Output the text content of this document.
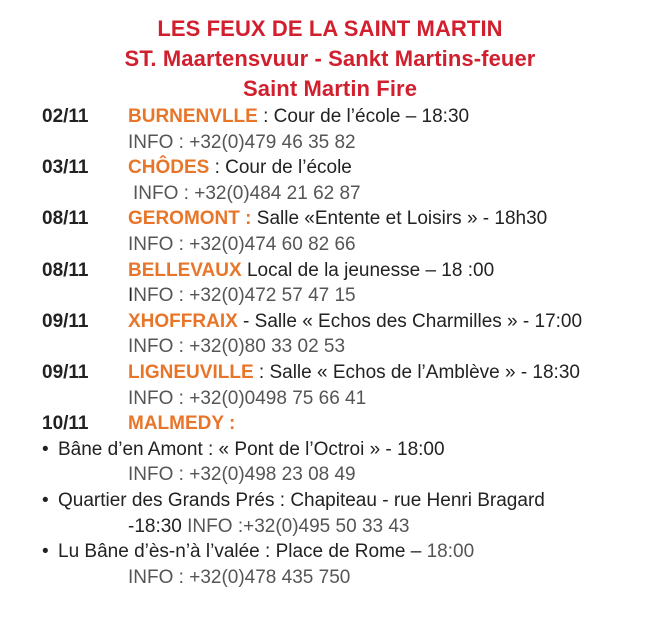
LES FEUX DE LA SAINT MARTIN
ST. Maartensvuur - Sankt Martins-feuer
Saint Martin Fire
02/11	BURNENVLLE : Cour de l’école – 18:30
INFO : +32(0)479 46 35 82
03/11	CHÔDES : Cour de l’école
INFO : +32(0)484 21 62 87
08/11	GEROMONT : Salle «Entente et Loisirs » - 18h30
INFO : +32(0)474 60 82 66
08/11	BELLEVAUX Local de la jeunesse – 18 :00
INFO : +32(0)472 57 47 15
09/11	XHOFFRAIX - Salle « Echos des Charmilles » - 17:00
INFO : +32(0)80 33 02 53
09/11	LIGNEUVILLE : Salle « Echos de l’Amblève » - 18:30
INFO : +32(0)0498 75 66 41
10/11	MALMEDY :
• Bâne d’en Amont : « Pont de l’Octroi » - 18:00
INFO : +32(0)498 23 08 49
• Quartier des Grands Prés : Chapiteau - rue Henri Bragard
-18:30 INFO :+32(0)495 50 33 43
• Lu Bâne d’ès-n’à l’valée : Place de Rome – 18:00
INFO : +32(0)478 435 750
